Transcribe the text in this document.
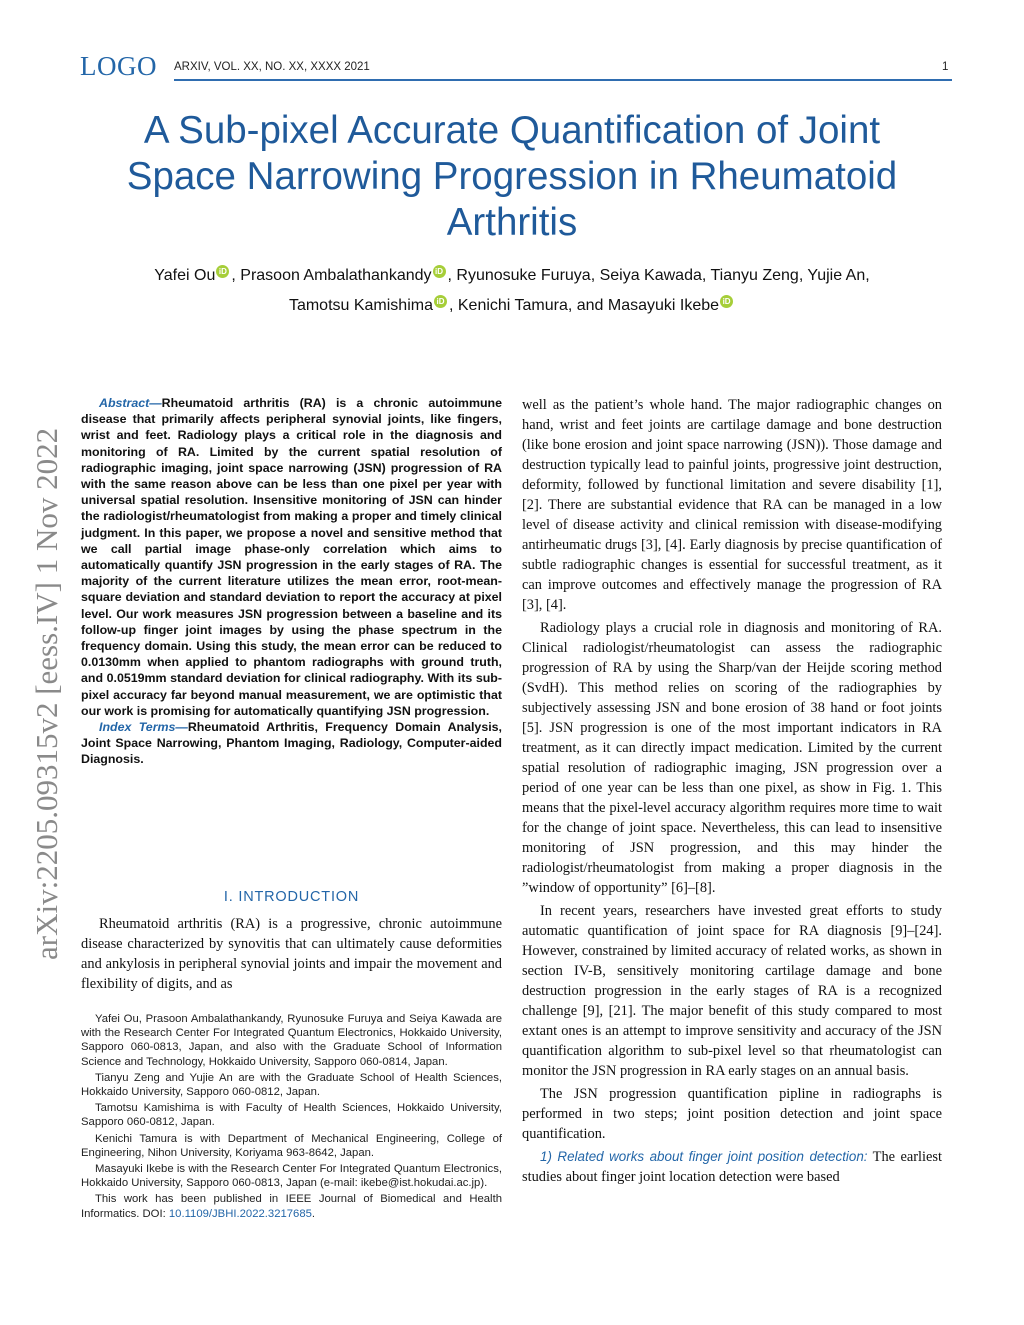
LOGO ARXIV, VOL. XX, NO. XX, XXXX 2021	1
A Sub-pixel Accurate Quantification of Joint Space Narrowing Progression in Rheumatoid Arthritis
Yafei Ou iD , Prasoon Ambalathankandy iD , Ryunosuke Furuya, Seiya Kawada, Tianyu Zeng, Yujie An,
Tamotsu Kamishima iD , Kenichi Tamura, and Masayuki Ikebe iD
arXiv:2205.09315v2 [eess.IV] 1 Nov 2022

Abstract—Rheumatoid arthritis (RA) is a chronic autoimmune disease that primarily affects peripheral synovial joints, like fingers, wrist and feet. Radiology plays a critical role in the diagnosis and monitoring of RA. Limited by the current spatial resolution of radiographic imaging, joint space narrowing (JSN) progression of RA with the same reason above can be less than one pixel per year with universal spatial resolution. Insensitive monitoring of JSN can hinder the radiologist/rheumatologist from making a proper and timely clinical judgment. In this paper, we propose a novel and sensitive method that we call partial image phase-only correlation which aims to automatically quantify JSN progression in the early stages of RA. The majority of the current literature utilizes the mean error, root-mean-square deviation and standard deviation to report the accuracy at pixel level. Our work measures JSN progression between a baseline and its follow-up finger joint images by using the phase spectrum in the frequency domain. Using this study, the mean error can be reduced to 0.0130mm when applied to phantom radiographs with ground truth, and 0.0519mm standard deviation for clinical radiography. With its sub-pixel accuracy far beyond manual measurement, we are optimistic that our work is promising for automatically quantifying JSN progression.

Index Terms—Rheumatoid Arthritis, Frequency Domain Analysis, Joint Space Narrowing, Phantom Imaging, Radiology, Computer-aided Diagnosis.

I. INTRODUCTION

Rheumatoid arthritis (RA) is a progressive, chronic autoimmune disease characterized by synovitis that can ultimately cause deformities and ankylosis in peripheral synovial joints and impair the movement and flexibility of digits, and as

Yafei Ou, Prasoon Ambalathankandy, Ryunosuke Furuya and Seiya Kawada are with the Research Center For Integrated Quantum Electronics, Hokkaido University, Sapporo 060-0813, Japan, and also with the Graduate School of Information Science and Technology, Hokkaido University, Sapporo 060-0814, Japan.

Tianyu Zeng and Yujie An are with the Graduate School of Health Sciences, Hokkaido University, Sapporo 060-0812, Japan.

Tamotsu Kamishima is with Faculty of Health Sciences, Hokkaido University, Sapporo 060-0812, Japan.

Kenichi Tamura is with Department of Mechanical Engineering, College of Engineering, Nihon University, Koriyama 963-8642, Japan.

Masayuki Ikebe is with the Research Center For Integrated Quantum Electronics, Hokkaido University, Sapporo 060-0813, Japan (e-mail: ikebe@ist.hokudai.ac.jp).

This work has been published in IEEE Journal of Biomedical and Health Informatics. DOI: 10.1109/JBHI.2022.3217685.

well as the patient’s whole hand. The major radiographic changes on hand, wrist and feet joints are cartilage damage and bone destruction (like bone erosion and joint space narrowing (JSN)). Those damage and destruction typically lead to painful joints, progressive joint destruction, deformity, followed by functional limitation and severe disability [1], [2]. There are substantial evidence that RA can be managed in a low level of disease activity and clinical remission with disease-modifying antirheumatic drugs [3], [4]. Early diagnosis by precise quantification of subtle radiographic changes is essential for successful treatment, as it can improve outcomes and effectively manage the progression of RA [3], [4].

Radiology plays a crucial role in diagnosis and monitoring of RA. Clinical radiologist/rheumatologist can assess the radiographic progression of RA by using the Sharp/van der Heijde scoring method (SvdH). This method relies on scoring of the radiographies by subjectively assessing JSN and bone erosion of 38 hand or foot joints [5]. JSN progression is one of the most important indicators in RA treatment, as it can directly impact medication. Limited by the current spatial resolution of radiographic imaging, JSN progression over a period of one year can be less than one pixel, as show in Fig. 1. This means that the pixel-level accuracy algorithm requires more time to wait for the change of joint space. Nevertheless, this can lead to insensitive monitoring of JSN progression, and this may hinder the radiologist/rheumatologist from making a proper diagnosis in the ”window of opportunity” [6]–[8].

In recent years, researchers have invested great efforts to study automatic quantification of joint space for RA diagnosis [9]–[24]. However, constrained by limited accuracy of related works, as shown in section IV-B, sensitively monitoring cartilage damage and bone destruction progression in the early stages of RA is a recognized challenge [9], [21]. The major benefit of this study compared to most extant ones is an attempt to improve sensitivity and accuracy of the JSN quantification algorithm to sub-pixel level so that rheumatologist can monitor the JSN progression in RA early stages on an annual basis.

The JSN progression quantification pipline in radiographs is performed in two steps; joint position detection and joint space quantification.

1) Related works about finger joint position detection: The earliest studies about finger joint location detection were based
